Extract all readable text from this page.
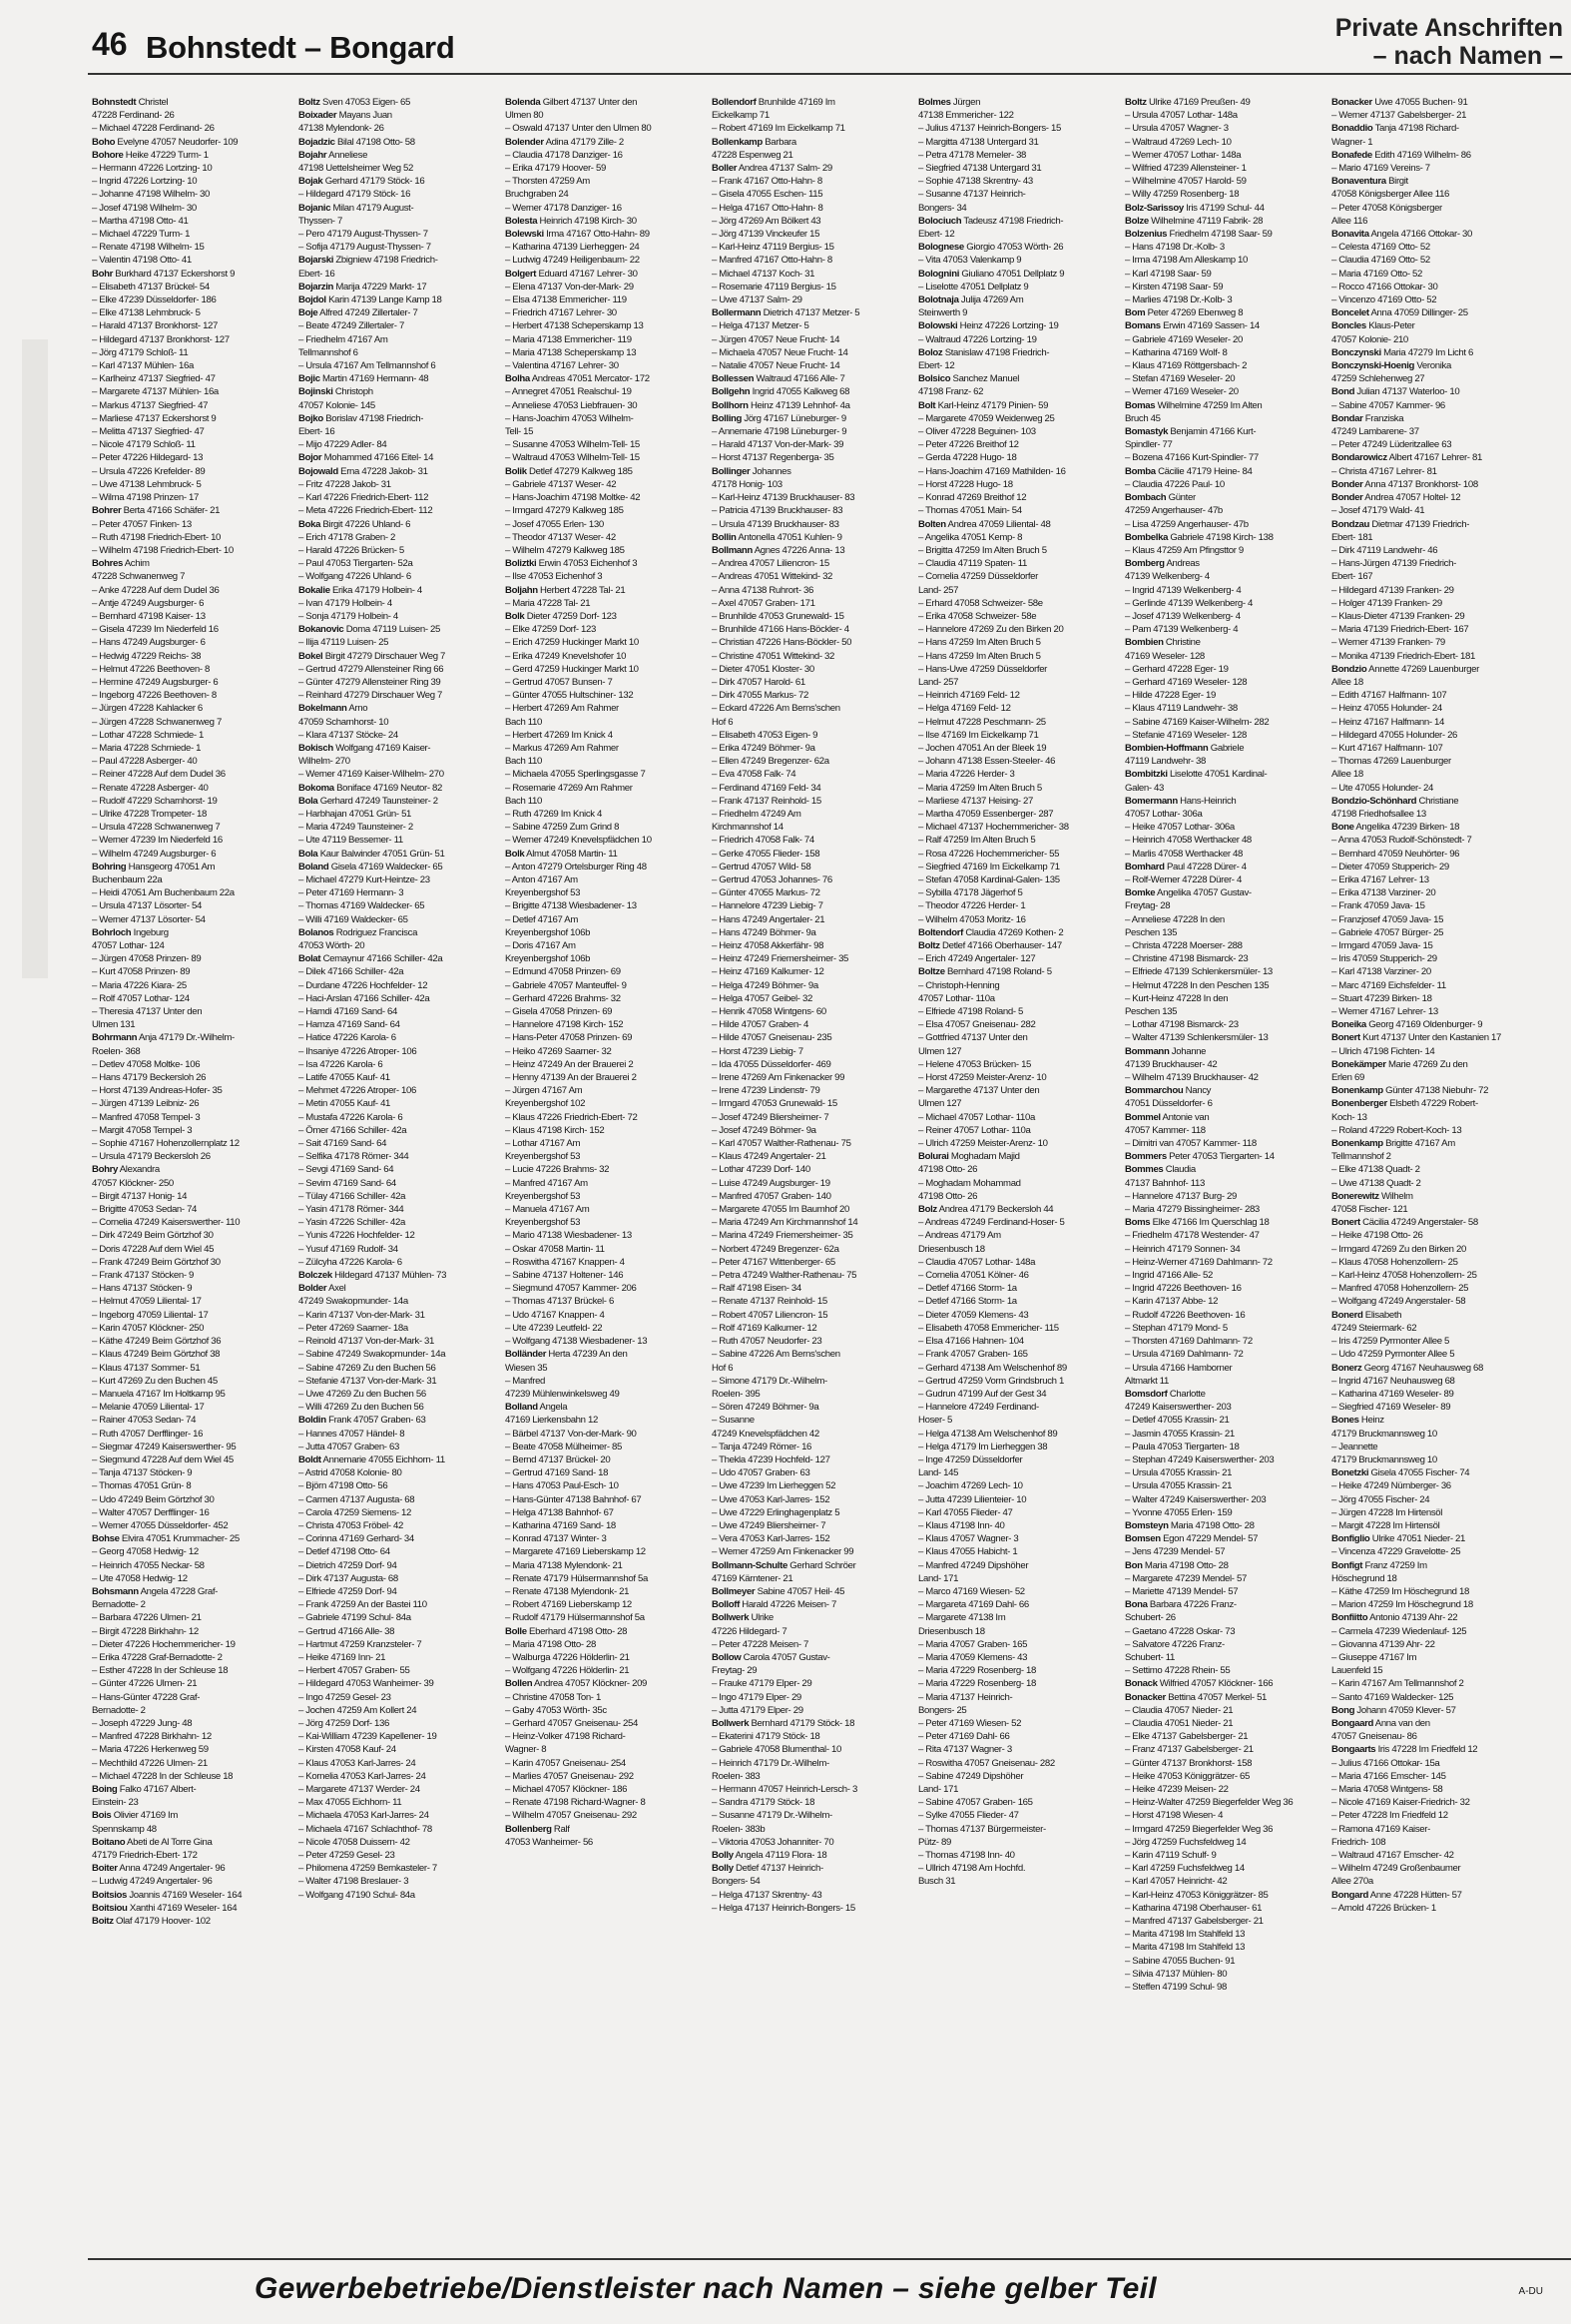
46 Bohnstedt – Bongard
Private Anschriften
– nach Namen –
Bohnstedt Christel
47228 Ferdinand- 26
– Michael 47228 Ferdinand- 26
Boho Evelyne 47057 Neudorfer- 109
Bohore Heike 47229 Turm- 1
– Hermann 47226 Lortzing- 10
– Ingrid 47226 Lortzing- 10
– Johanne 47198 Wilhelm- 30
– Josef 47198 Wilhelm- 30
– Martha 47198 Otto- 41
– Michael 47229 Turm- 1
– Renate 47198 Wilhelm- 15
– Valentin 47198 Otto- 41
Bohr Burkhard 47137 Eckershorst 9
– Elisabeth 47137 Brückel- 54
– Elke 47239 Düsseldorfer- 186
– Elke 47138 Lehmbruck- 5
– Harald 47137 Bronkhorst- 127
– Hildegard 47137 Bronkhorst- 127
– Jörg 47179 Schloß- 11
– Karl 47137 Mühlen- 16a
– Karlheinz 47137 Siegfried- 47
– Margarete 47137 Mühlen- 16a
– Markus 47137 Siegfried- 47
– Marliese 47137 Eckershorst 9
– Melitta 47137 Siegfried- 47
– Nicole 47179 Schloß- 11
– Peter 47226 Hildegard- 13
– Ursula 47226 Krefelder- 89
– Uwe 47138 Lehmbruck- 5
– Wilma 47198 Prinzen- 17
Bohrer Berta 47166 Schäfer- 21
– Peter 47057 Finken- 13
– Ruth 47198 Friedrich-Ebert- 10
– Wilhelm 47198 Friedrich-Ebert- 10
Bohres Achim
47228 Schwanenweg 7
– Anke 47228 Auf dem Dudel 36
– Antje 47249 Augsburger- 6
– Bernhard 47198 Kaiser- 13
– Gisela 47239 Im Niederfeld 16
– Hans 47249 Augsburger- 6
– Hedwig 47229 Reichs- 38
– Helmut 47226 Beethoven- 8
– Hermine 47249 Augsburger- 6
– Ingeborg 47226 Beethoven- 8
– Jürgen 47228 Kahlacker 6
– Jürgen 47228 Schwanenweg 7
– Lothar 47228 Schmiede- 1
– Maria 47228 Schmiede- 1
– Paul 47228 Asberger- 40
– Reiner 47228 Auf dem Dudel 36
– Renate 47228 Asberger- 40
– Rudolf 47229 Scharnhorst- 19
– Ulrike 47228 Trompeter- 18
– Ursula 47228 Schwanenweg 7
– Werner 47239 Im Niederfeld 16
– Wilhelm 47249 Augsburger- 6
Bohring Hansgeorg 47051 Am
Buchenbaum 22a
– Heidi 47051 Am Buchenbaum 22a
– Ursula 47137 Lösorter- 54
– Werner 47137 Lösorter- 54
Bohrloch Ingeburg
47057 Lothar- 124
– Jürgen 47058 Prinzen- 89
– Kurt 47058 Prinzen- 89
– Maria 47226 Kiara- 25
– Rolf 47057 Lothar- 124
– Theresia 47137 Unter den
Ulmen 131
Bohrmann Anja 47179 Dr.-Wilhelm-
Roelen- 368
– Detlev 47058 Moltke- 106
– Hans 47179 Beckersloh 26
– Horst 47139 Andreas-Hofer- 35
– Jürgen 47139 Leibniz- 26
– Manfred 47058 Tempel- 3
– Margit 47058 Tempel- 3
– Sophie 47167 Hohenzollernplatz 12
– Ursula 47179 Beckersloh 26
Bohry Alexandra
47057 Klöckner- 250
– Birgit 47137 Honig- 14
– Brigitte 47053 Sedan- 74
– Cornelia 47249 Kaiserswerther- 110
– Dirk 47249 Beim Görtzhof 30
– Doris 47228 Auf dem Wiel 45
– Frank 47249 Beim Görtzhof 30
– Frank 47137 Stöcken- 9
– Hans 47137 Stöcken- 9
– Helmut 47059 Liliental- 17
– Ingeborg 47059 Liliental- 17
– Karin 47057 Klöckner- 250
– Käthe 47249 Beim Görtzhof 36
– Klaus 47249 Beim Görtzhof 38
– Klaus 47137 Sommer- 51
– Kurt 47269 Zu den Buchen 45
– Manuela 47167 Im Holtkamp 95
– Melanie 47059 Liliental- 17
– Rainer 47053 Sedan- 74
– Ruth 47057 Derfflinger- 16
– Siegmar 47249 Kaiserswerther- 95
– Siegmund 47228 Auf dem Wiel 45
– Tanja 47137 Stöcken- 9
– Thomas 47051 Grün- 8
– Udo 47249 Beim Görtzhof 30
– Walter 47057 Derfflinger- 16
– Werner 47055 Düsseldorfer- 452
Bohse Elvira 47051 Krummacher- 25
– Georg 47058 Hedwig- 12
– Heinrich 47055 Neckar- 58
– Ute 47058 Hedwig- 12
Bohsmann Angela 47228 Graf-
Bernadotte- 2
– Barbara 47226 Ulmen- 21
– Birgit 47228 Birkhahn- 12
– Dieter 47226 Hochemmericher- 19
– Erika 47228 Graf-Bernadotte- 2
– Esther 47228 In der Schleuse 18
– Günter 47226 Ulmen- 21
– Hans-Günter 47228 Graf-
Bernadotte- 2
– Joseph 47229 Jung- 48
– Manfred 47228 Birkhahn- 12
– Maria 47226 Herkenweg 59
– Mechthild 47226 Ulmen- 21
– Michael 47228 In der Schleuse 18
Boing Falko 47167 Albert-
Einstein- 23
Bois Olivier 47169 Im
Spennskamp 48
Boitano Abeti de Al Torre Gina
47179 Friedrich-Ebert- 172
Boiter Anna 47249 Angertaler- 96
– Ludwig 47249 Angertaler- 96
Boitsios Joannis 47169 Weseler- 164
Boitsiou Xanthi 47169 Weseler- 164
Boitz Olaf 47179 Hoover- 102
Boltz Sven 47053 Eigen- 65
Boixader Mayans Juan
47138 Mylendonk- 26
Bojadzic Bilal 47198 Otto- 58
Bojahr Anneliese
47198 Uettelsheimer Weg 52
Bojak Gerhard 47179 Stöck- 16
– Hildegard 47179 Stöck- 16
Bojanic Milan 47179 August-
Thyssen- 7
– Pero 47179 August-Thyssen- 7
– Sofija 47179 August-Thyssen- 7
Bojarski Zbigniew 47198 Friedrich-
Ebert- 16
Bojarzin Marija 47229 Markt- 17
Bojdol Karin 47139 Lange Kamp 18
Boje Alfred 47249 Zillertaler- 7
– Beate 47249 Zillertaler- 7
– Friedhelm 47167 Am
Tellmannshof 6
– Ursula 47167 Am Tellmannshof 6
Bojic Martin 47169 Hermann- 48
Bojinski Christoph
47057 Kolonie- 145
Bojko Borislav 47198 Friedrich-
Ebert- 16
– Mijo 47229 Adler- 84
Bojor Mohammed 47166 Eitel- 14
Bojowald Erna 47228 Jakob- 31
– Fritz 47228 Jakob- 31
– Karl 47226 Friedrich-Ebert- 112
– Meta 47226 Friedrich-Ebert- 112
Boka Birgit 47226 Uhland- 6
– Erich 47178 Graben- 2
– Harald 47226 Brücken- 5
– Paul 47053 Tiergarten- 52a
– Wolfgang 47226 Uhland- 6
Bokalie Erika 47179 Holbein- 4
– Ivan 47179 Holbein- 4
– Sonja 47179 Holbein- 4
Bokanovic Doma 47119 Luisen- 25
– Ilija 47119 Luisen- 25
Bokel Birgit 47279 Dirschauer Weg 7
– Gertrud 47279 Allensteiner Ring 66
– Günter 47279 Allensteiner Ring 39
– Reinhard 47279 Dirschauer Weg 7
Bokelmann Arno
47059 Scharnhorst- 10
– Klara 47137 Stöcke- 24
Bokisch Wolfgang 47169 Kaiser-
Wilhelm- 270
– Werner 47169 Kaiser-Wilhelm- 270
Bokoma Boniface 47169 Neutor- 82
Bola Gerhard 47249 Taunsteiner- 2
– Harbhajan 47051 Grün- 51
– Maria 47249 Taunsteiner- 2
– Ute 47119 Bessemer- 11
Bola Kaur Balwinder 47051 Grün- 51
Boland Gisela 47169 Waldecker- 65
– Michael 47279 Kurt-Heintze- 23
– Peter 47169 Hermann- 3
– Thomas 47169 Waldecker- 65
– Willi 47169 Waldecker- 65
Bolanos Rodriguez Francisca
47053 Wörth- 20
Bolat Cemaynur 47166 Schiller- 42a
– Dilek 47166 Schiller- 42a
– Durdane 47226 Hochfelder- 12
– Haci-Arslan 47166 Schiller- 42a
– Hamdi 47169 Sand- 64
– Hamza 47169 Sand- 64
– Hatice 47226 Karola- 6
– Ihsaniye 47226 Atroper- 106
– Isa 47226 Karola- 6
– Latife 47055 Kauf- 41
– Mehmet 47226 Atroper- 106
– Metin 47055 Kauf- 41
– Mustafa 47226 Karola- 6
– Ömer 47166 Schiller- 42a
– Sait 47169 Sand- 64
– Selfika 47178 Römer- 344
– Sevgi 47169 Sand- 64
– Sevim 47169 Sand- 64
– Tülay 47166 Schiller- 42a
– Yasin 47178 Römer- 344
– Yasin 47226 Schiller- 42a
– Yunis 47226 Hochfelder- 12
– Yusuf 47169 Rudolf- 34
– Zülcyha 47226 Karola- 6
Bolczek Hildegard 47137 Mühlen- 73
Bolder Axel
47249 Swakopmunder- 14a
– Karin 47137 Von-der-Mark- 31
– Peter 47269 Saarner- 18a
– Reinold 47137 Von-der-Mark- 31
– Sabine 47249 Swakopmunder- 14a
– Sabine 47269 Zu den Buchen 56
– Stefanie 47137 Von-der-Mark- 31
– Uwe 47269 Zu den Buchen 56
– Willi 47269 Zu den Buchen 56
Boldin Frank 47057 Graben- 63
– Hannes 47057 Händel- 8
– Jutta 47057 Graben- 63
Boldt Annemarie 47055 Eichhorn- 11
– Astrid 47058 Kolonie- 80
– Björn 47198 Otto- 56
– Carmen 47137 Augusta- 68
– Carola 47259 Siemens- 12
– Christa 47053 Fröbel- 42
– Corinna 47169 Gerhard- 34
– Detlef 47198 Otto- 64
– Dietrich 47259 Dorf- 94
– Dirk 47137 Augusta- 68
– Elfriede 47259 Dorf- 94
– Frank 47259 An der Bastei 110
– Gabriele 47199 Schul- 84a
– Gertrud 47166 Alle- 38
– Hartmut 47259 Kranzsteler- 7
– Heike 47169 Inn- 21
– Herbert 47057 Graben- 55
– Hildegard 47053 Wanheimer- 39
– Ingo 47259 Gesel- 23
– Jochen 47259 Am Kollert 24
– Jörg 47259 Dorf- 136
– Kai-William 47239 Kapellener- 19
– Kirsten 47058 Kauf- 24
– Klaus 47053 Karl-Jarres- 24
– Kornelia 47053 Karl-Jarres- 24
– Margarete 47137 Werder- 24
– Max 47055 Eichhorn- 11
– Michaela 47053 Karl-Jarres- 24
– Michaela 47167 Schlachthof- 78
– Nicole 47058 Duissern- 42
– Peter 47259 Gesel- 23
– Philomena 47259 Bernkasteler- 7
– Walter 47198 Breslauer- 3
– Wolfgang 47190 Schul- 84a
Bolenda Gilbert 47137 Unter den
Ulmen 80
– Oswald 47137 Unter den Ulmen 80
Bolender Adina 47179 Zille- 2
– Claudia 47178 Danziger- 16
– Erika 47179 Hoover- 59
– Thorsten 47259 Am
Bruchgraben 24
– Werner 47178 Danziger- 16
Bolesta Heinrich 47198 Kirch- 30
Bolewski Irma 47167 Otto-Hahn- 89
– Katharina 47139 Lierheggen- 24
– Ludwig 47249 Heiligenbaum- 22
Bolgert Eduard 47167 Lehrer- 30
– Elena 47137 Von-der-Mark- 29
– Elsa 47138 Emmericher- 119
– Friedrich 47167 Lehrer- 30
– Herbert 47138 Scheperskamp 13
– Maria 47138 Emmericher- 119
– Maria 47138 Scheperskamp 13
– Valentina 47167 Lehrer- 30
Bolha Andreas 47051 Mercator- 172
– Annegret 47051 Realschul- 19
– Anneliese 47053 Liebfrauen- 30
– Hans-Joachim 47053 Wilhelm-
Tell- 15
– Susanne 47053 Wilhelm-Tell- 15
– Waltraud 47053 Wilhelm-Tell- 15
Bolik Detlef 47279 Kalkweg 185
– Gabriele 47137 Weser- 42
– Hans-Joachim 47198 Moltke- 42
– Irmgard 47279 Kalkweg 185
– Josef 47055 Erlen- 130
– Theodor 47137 Weser- 42
– Wilhelm 47279 Kalkweg 185
Boliztki Erwin 47053 Eichenhof 3
– Ilse 47053 Eichenhof 3
Boljahn Herbert 47228 Tal- 21
– Maria 47228 Tal- 21
Bolk Dieter 47259 Dorf- 123
– Elke 47259 Dorf- 123
– Erich 47259 Huckinger Markt 10
– Erika 47249 Knevelshofer 10
– Gerd 47259 Huckinger Markt 10
– Gertrud 47057 Bunsen- 7
– Günter 47055 Hultschiner- 132
– Herbert 47269 Am Rahmer
Bach 110
– Herbert 47269 Im Knick 4
– Markus 47269 Am Rahmer
Bach 110
– Michaela 47055 Sperlingsgasse 7
– Rosemarie 47269 Am Rahmer
Bach 110
– Ruth 47269 Im Knick 4
– Sabine 47259 Zum Grind 8
– Werner 47249 Knevelspfädchen 10
Bolk Almut 47058 Martin- 11
– Anton 47279 Ortelsburger Ring 48
– Anton 47167 Am
Kreyenbergshof 53
– Brigitte 47138 Wiesbadener- 13
– Detlef 47167 Am
Kreyenbergshof 106b
– Doris 47167 Am
Kreyenbergshof 106b
– Edmund 47058 Prinzen- 69
– Gabriele 47057 Manteuffel- 9
– Gerhard 47226 Brahms- 32
– Gisela 47058 Prinzen- 69
– Hannelore 47198 Kirch- 152
– Hans-Peter 47058 Prinzen- 69
– Heiko 47269 Saarner- 32
– Heinz 47249 An der Brauerei 2
– Henny 47139 An der Brauerei 2
– Jürgen 47167 Am
Kreyenbergshof 102
– Klaus 47226 Friedrich-Ebert- 72
– Klaus 47198 Kirch- 152
– Lothar 47167 Am
Kreyenbergshof 53
– Lucie 47226 Brahms- 32
– Manfred 47167 Am
Kreyenbergshof 53
– Manuela 47167 Am
Kreyenbergshof 53
– Mario 47138 Wiesbadener- 13
– Oskar 47058 Martin- 11
– Roswitha 47167 Knappen- 4
– Sabine 47137 Holtener- 146
– Siegmund 47057 Kammer- 206
– Thomas 47137 Brückel- 6
– Udo 47167 Knappen- 4
– Ute 47239 Leutfeld- 22
– Wolfgang 47138 Wiesbadener- 13
Bolländer Herta 47239 An den
Wiesen 35
– Manfred
47239 Mühlenwinkelsweg 49
Bolland Angela
47169 Lierkensbahn 12
– Bärbel 47137 Von-der-Mark- 90
– Beate 47058 Mülheimer- 85
– Bernd 47137 Brückel- 20
– Gertrud 47169 Sand- 18
– Hans 47053 Paul-Esch- 10
– Hans-Günter 47138 Bahnhof- 67
– Helga 47138 Bahnhof- 67
– Katharina 47169 Sand- 18
– Konrad 47137 Winter- 3
– Margarete 47169 Lieberskamp 12
– Maria 47138 Mylendonk- 21
– Renate 47179 Hülsermannshof 5a
– Renate 47138 Mylendonk- 21
– Robert 47169 Lieberskamp 12
– Rudolf 47179 Hülsermannshof 5a
Bolle Eberhard 47198 Otto- 28
– Maria 47198 Otto- 28
– Walburga 47226 Hölderlin- 21
– Wolfgang 47226 Hölderlin- 21
Bollen Andrea 47057 Klöckner- 209
– Christine 47058 Ton- 1
– Gaby 47053 Wörth- 35c
– Gerhard 47057 Gneisenau- 254
– Heinz-Volker 47198 Richard-
Wagner- 8
– Karin 47057 Gneisenau- 254
– Marlies 47057 Gneisenau- 292
– Michael 47057 Klöckner- 186
– Renate 47198 Richard-Wagner- 8
– Wilhelm 47057 Gneisenau- 292
Bollenberg Ralf
47053 Wanheimer- 56
Bollendorf Brunhilde 47169 Im
Eickelkamp 71
– Robert 47169 Im Eickelkamp 71
Bollenkamp Barbara
47228 Espenweg 21
Boller Andrea 47137 Salm- 29
– Frank 47167 Otto-Hahn- 8
– Gisela 47055 Eschen- 115
– Helga 47167 Otto-Hahn- 8
– Jörg 47269 Am Bölkert 43
– Jörg 47139 Vinckeufer 15
– Karl-Heinz 47119 Bergius- 15
– Manfred 47167 Otto-Hahn- 8
– Michael 47137 Koch- 31
– Rosemarie 47119 Bergius- 15
– Uwe 47137 Salm- 29
Bollermann Dietrich 47137 Metzer- 5
– Helga 47137 Metzer- 5
– Jürgen 47057 Neue Frucht- 14
– Michaela 47057 Neue Frucht- 14
– Natalie 47057 Neue Frucht- 14
Bollessen Waltraud 47166 Alle- 7
Bollgehn Ingrid 47055 Kalkweg 68
Bollhorn Heinz 47139 Lehnhof- 4a
Bolling Jörg 47167 Lüneburger- 9
– Annemarie 47198 Lüneburger- 9
– Harald 47137 Von-der-Mark- 39
– Horst 47137 Regenberga- 35
Bollinger Johannes
47178 Honig- 103
– Karl-Heinz 47139 Bruckhauser- 83
– Patricia 47139 Bruckhauser- 83
– Ursula 47139 Bruckhauser- 83
Bollin Antonella 47051 Kuhlen- 9
Bollmann Agnes 47226 Anna- 13
– Andrea 47057 Liliencron- 15
– Andreas 47051 Wittekind- 32
– Anna 47138 Ruhrort- 36
– Axel 47057 Graben- 171
– Brunhilde 47053 Grunewald- 15
– Brunhilde 47166 Hans-Böckler- 4
– Christian 47226 Hans-Böckler- 50
– Christine 47051 Wittekind- 32
– Dieter 47051 Kloster- 30
– Dirk 47057 Harold- 61
– Dirk 47055 Markus- 72
– Eckard 47226 Am Berns'schen
Hof 6
– Elisabeth 47053 Eigen- 9
– Erika 47249 Böhmer- 9a
– Ellen 47249 Bregenzer- 62a
– Eva 47058 Falk- 74
– Ferdinand 47169 Feld- 34
– Frank 47137 Reinhold- 15
– Friedhelm 47249 Am
Kirchmannshof 14
– Friedrich 47058 Falk- 74
– Gerke 47055 Flieder- 158
– Gertrud 47057 Wild- 58
– Gertrud 47053 Johannes- 76
– Günter 47055 Markus- 72
– Hannelore 47239 Liebig- 7
– Hans 47249 Angertaler- 21
– Hans 47249 Böhmer- 9a
– Heinz 47058 Akkerfähr- 98
– Heinz 47249 Friemersheimer- 35
– Heinz 47169 Kalkumer- 12
– Helga 47249 Böhmer- 9a
– Helga 47057 Geibel- 32
– Henrik 47058 Wintgens- 60
– Hilde 47057 Graben- 4
– Hilde 47057 Gneisenau- 235
– Horst 47239 Liebig- 7
– Ida 47055 Düsseldorfer- 469
– Irene 47269 Am Finkenacker 99
– Irene 47239 Lindenstr- 79
– Irmgard 47053 Grunewald- 15
– Josef 47249 Bliersheimer- 7
– Josef 47249 Böhmer- 9a
– Karl 47057 Walther-Rathenau- 75
– Klaus 47249 Angertaler- 21
– Lothar 47239 Dorf- 140
– Luise 47249 Augsburger- 19
– Manfred 47057 Graben- 140
– Margarete 47055 Im Baumhof 20
– Maria 47249 Am Kirchmannshof 14
– Marina 47249 Friemersheimer- 35
– Norbert 47249 Bregenzer- 62a
– Peter 47167 Wittenberger- 65
– Petra 47249 Walther-Rathenau- 75
– Ralf 47198 Eisen- 34
– Renate 47137 Reinhold- 15
– Robert 47057 Liliencron- 15
– Rolf 47169 Kalkumer- 12
– Ruth 47057 Neudorfer- 23
– Sabine 47226 Am Berns'schen
Hof 6
– Simone 47179 Dr.-Wilhelm-
Roelen- 395
– Sören 47249 Böhmer- 9a
– Susanne
47249 Knevelspfädchen 42
– Tanja 47249 Römer- 16
– Thekla 47239 Hochfeld- 127
– Udo 47057 Graben- 63
– Uwe 47239 Im Lierheggen 52
– Uwe 47053 Karl-Jarres- 152
– Uwe 47229 Erlinghagenplatz 5
– Uwe 47249 Bliersheimer- 7
– Vera 47053 Karl-Jarres- 152
– Werner 47259 Am Finkenacker 99
Bollmann-Schulte Gerhard Schröer
47169 Kärntener- 21
Bollmeyer Sabine 47057 Heil- 45
Bolloff Harald 47226 Meisen- 7
Bollwerk Ulrike
47226 Hildegard- 7
– Peter 47228 Meisen- 7
Bollow Carola 47057 Gustav-
Freytag- 29
– Frauke 47179 Elper- 29
– Ingo 47179 Elper- 29
– Jutta 47179 Elper- 29
Bollwerk Bernhard 47179 Stöck- 18
– Ekaterini 47179 Stöck- 18
– Gabriele 47058 Blumenthal- 10
– Heinrich 47179 Dr.-Wilhelm-
Roelen- 383
– Hermann 47057 Heinrich-Lersch- 3
– Sandra 47179 Stöck- 18
– Susanne 47179 Dr.-Wilhelm-
Roelen- 383b
– Viktoria 47053 Johanniter- 70
Bolly Angela 47119 Flora- 18
Bolly Detlef 47137 Heinrich-
Bongers- 54
– Helga 47137 Skrentny- 43
– Helga 47137 Heinrich-Bongers- 15
Bolmes Jürgen
47138 Emmericher- 122
– Julius 47137 Heinrich-Bongers- 15
– Margitta 47138 Untergard 31
– Petra 47178 Memeler- 38
– Siegfried 47138 Untergard 31
– Sophie 47138 Skrentny- 43
– Susanne 47137 Heinrich-
Bongers- 34
Bolociuch Tadeusz 47198 Friedrich-
Ebert- 12
Bolognese Giorgio 47053 Wörth- 26
– Vita 47053 Valenkamp 9
Bolognini Giuliano 47051 Dellplatz 9
– Liselotte 47051 Dellplatz 9
Bolotnaja Julija 47269 Am
Steinwerth 9
Bolowski Heinz 47226 Lortzing- 19
– Waltraud 47226 Lortzing- 19
Boloz Stanislaw 47198 Friedrich-
Ebert- 12
Bolsico Sanchez Manuel
47198 Franz- 62
Bolt Karl-Heinz 47179 Pinien- 59
– Margarete 47059 Weidenweg 25
– Oliver 47228 Beguinen- 103
– Peter 47226 Breithof 12
– Gerda 47228 Hugo- 18
– Hans-Joachim 47169 Mathilden- 16
– Horst 47228 Hugo- 18
– Konrad 47269 Breithof 12
– Thomas 47051 Main- 54
Bolten Andrea 47059 Liliental- 48
– Angelika 47051 Kemp- 8
– Brigitta 47259 Im Alten Bruch 5
– Claudia 47119 Spaten- 11
– Cornelia 47259 Düsseldorfer
Land- 257
– Erhard 47058 Schweizer- 58e
– Erika 47058 Schweizer- 58e
– Hannelore 47269 Zu den Birken 20
– Hans 47259 Im Alten Bruch 5
– Hans 47259 Im Alten Bruch 5
– Hans-Uwe 47259 Düsseldorfer
Land- 257
– Heinrich 47169 Feld- 12
– Helga 47169 Feld- 12
– Helmut 47228 Peschmann- 25
– Ilse 47169 Im Eickelkamp 71
– Jochen 47051 An der Bleek 19
– Johann 47138 Essen-Steeler- 46
– Maria 47226 Herder- 3
– Maria 47259 Im Alten Bruch 5
– Marliese 47137 Heising- 27
– Martha 47059 Essenberger- 287
– Michael 47137 Hochemmericher- 38
– Ralf 47259 Im Alten Bruch 5
– Rosa 47226 Hochemmericher- 55
– Siegfried 47169 Im Eickelkamp 71
– Stefan 47058 Kardinal-Galen- 135
– Sybilla 47178 Jägerhof 5
– Theodor 47226 Herder- 1
– Wilhelm 47053 Moritz- 16
Boltendorf Claudia 47269 Kothen- 2
Boltz Detlef 47166 Oberhauser- 147
– Erich 47249 Angertaler- 127
Boltze Bernhard 47198 Roland- 5
– Christoph-Henning
47057 Lothar- 110a
– Elfriede 47198 Roland- 5
– Elsa 47057 Gneisenau- 282
– Gottfried 47137 Unter den
Ulmen 127
– Helene 47053 Brücken- 15
– Horst 47259 Meister-Arenz- 10
– Margarethe 47137 Unter den
Ulmen 127
– Michael 47057 Lothar- 110a
– Reiner 47057 Lothar- 110a
– Ulrich 47259 Meister-Arenz- 10
Bolurai Moghadam Majid
47198 Otto- 26
– Moghadam Mohammad
47198 Otto- 26
Bolz Andrea 47179 Beckersloh 44
– Andreas 47249 Ferdinand-Hoser- 5
– Andreas 47179 Am
Driesenbusch 18
– Claudia 47057 Lothar- 148a
– Cornelia 47051 Kölner- 46
– Detlef 47166 Storm- 1a
– Detlef 47166 Storm- 1a
– Dieter 47059 Klemens- 43
– Elisabeth 47058 Emmericher- 115
– Elsa 47166 Hahnen- 104
– Frank 47057 Graben- 165
– Gerhard 47138 Am Welschenhof 89
– Gertrud 47259 Vorm Grindsbruch 1
– Gudrun 47199 Auf der Gest 34
– Hannelore 47249 Ferdinand-
Hoser- 5
– Helga 47138 Am Welschenhof 89
– Helga 47179 Im Lierheggen 38
– Inge 47259 Düsseldorfer
Land- 145
– Joachim 47269 Lech- 10
– Jutta 47239 Lilienteier- 10
– Karl 47055 Flieder- 47
– Klaus 47198 Inn- 40
– Klaus 47057 Wagner- 3
– Klaus 47055 Habicht- 1
– Manfred 47249 Dipshöher
Land- 171
– Marco 47169 Wiesen- 52
– Margareta 47169 Dahl- 66
– Margarete 47138 Im
Driesenbusch 18
– Maria 47057 Graben- 165
– Maria 47059 Klemens- 43
– Maria 47229 Rosenberg- 18
– Maria 47229 Rosenberg- 18
– Maria 47137 Heinrich-
Bongers- 25
– Peter 47169 Wiesen- 52
– Peter 47169 Dahl- 66
– Rita 47137 Wagner- 3
– Roswitha 47057 Gneisenau- 282
– Sabine 47249 Dipshöher
Land- 171
– Sabine 47057 Graben- 165
– Sylke 47055 Flieder- 47
– Thomas 47137 Bürgermeister-
Pütz- 89
– Thomas 47198 Inn- 40
– Ullrich 47198 Am Hochfd.
Busch 31
Boltz Ulrike 47169 Preußen- 49
– Ursula 47057 Lothar- 148a
– Ursula 47057 Wagner- 3
– Waltraud 47269 Lech- 10
– Werner 47057 Lothar- 148a
– Wilfried 47239 Allensteiner- 1
– Wilhelmine 47057 Harold- 59
– Willy 47259 Rosenberg- 18
Bolz-Sarissoy Iris 47199 Schul- 44
Bolze Wilhelmine 47119 Fabrik- 28
Bolzenius Friedhelm 47198 Saar- 59
– Hans 47198 Dr.-Kolb- 3
– Irma 47198 Am Alleskamp 10
– Karl 47198 Saar- 59
– Kirsten 47198 Saar- 59
– Marlies 47198 Dr.-Kolb- 3
Bom Peter 47269 Ebenweg 8
Bomans Erwin 47169 Sassen- 14
– Gabriele 47169 Weseler- 20
– Katharina 47169 Wolf- 8
– Klaus 47169 Röttgersbach- 2
– Stefan 47169 Weseler- 20
– Werner 47169 Weseler- 20
Bomas Wilhelmine 47259 Im Alten
Bruch 45
Bomastyk Benjamin 47166 Kurt-
Spindler- 77
– Bozena 47166 Kurt-Spindler- 77
Bomba Cäcilie 47179 Heine- 84
– Claudia 47226 Paul- 10
Bombach Günter
47259 Angerhauser- 47b
– Lisa 47259 Angerhauser- 47b
Bombelka Gabriele 47198 Kirch- 138
– Klaus 47259 Am Pfingsttor 9
Bomberg Andreas
47139 Welkenberg- 4
– Ingrid 47139 Welkenberg- 4
– Gerlinde 47139 Welkenberg- 4
– Josef 47139 Welkenberg- 4
– Pam 47139 Welkenberg- 4
Bombien Christine
47169 Weseler- 128
– Gerhard 47228 Eger- 19
– Gerhard 47169 Weseler- 128
– Hilde 47228 Eger- 19
– Klaus 47119 Landwehr- 38
– Sabine 47169 Kaiser-Wilhelm- 282
– Stefanie 47169 Weseler- 128
Bombien-Hoffmann Gabriele
47119 Landwehr- 38
Bombitzki Liselotte 47051 Kardinal-
Galen- 43
Bomermann Hans-Heinrich
47057 Lothar- 306a
– Heike 47057 Lothar- 306a
– Heinrich 47058 Werthacker 48
– Marlis 47058 Werthacker 48
Bomhard Paul 47228 Dürer- 4
– Rolf-Werner 47228 Dürer- 4
Bomke Angelika 47057 Gustav-
Freytag- 28
– Anneliese 47228 In den
Peschen 135
– Christa 47228 Moerser- 288
– Christine 47198 Bismarck- 23
– Elfriede 47139 Schlenkersmüler- 13
– Helmut 47228 In den Peschen 135
– Kurt-Heinz 47228 In den
Peschen 135
– Lothar 47198 Bismarck- 23
– Walter 47139 Schlenkersmüler- 13
Bommann Johanne
47139 Bruckhauser- 42
– Wilhelm 47139 Bruckhauser- 42
Bommarchou Nancy
47051 Düsseldorfer- 6
Bommel Antonie van
47057 Kammer- 118
– Dimitri van 47057 Kammer- 118
Bommers Peter 47053 Tiergarten- 14
Bommes Claudia
47137 Bahnhof- 113
– Hannelore 47137 Burg- 29
– Maria 47279 Bissingheimer- 283
Boms Elke 47166 Im Querschlag 18
– Friedhelm 47178 Westender- 47
– Heinrich 47179 Sonnen- 34
– Heinz-Werner 47169 Dahlmann- 72
– Ingrid 47166 Alle- 52
– Ingrid 47226 Beethoven- 16
– Karin 47137 Abbe- 12
– Rudolf 47226 Beethoven- 16
– Stephan 47179 Mond- 5
– Thorsten 47169 Dahlmann- 72
– Ursula 47169 Dahlmann- 72
– Ursula 47166 Hamborner
Altmarkt 11
Bomsdorf Charlotte
47249 Kaiserswerther- 203
– Detlef 47055 Krassin- 21
– Jasmin 47055 Krassin- 21
– Paula 47053 Tiergarten- 18
– Stephan 47249 Kaiserswerther- 203
– Ursula 47055 Krassin- 21
– Ursula 47055 Krassin- 21
– Walter 47249 Kaiserswerther- 203
– Yvonne 47055 Erlen- 159
Bomsteyn Maria 47198 Otto- 28
Bomsen Egon 47229 Mendel- 57
– Jens 47239 Mendel- 57
Bon Maria 47198 Otto- 28
– Margarete 47239 Mendel- 57
– Mariette 47139 Mendel- 57
Bona Barbara 47226 Franz-
Schubert- 26
– Gaetano 47228 Oskar- 73
– Salvatore 47226 Franz-
Schubert- 11
– Settimo 47228 Rhein- 55
Bonack Wilfried 47057 Klöckner- 166
Bonacker Bettina 47057 Merkel- 51
– Claudia 47057 Nieder- 21
– Claudia 47051 Nieder- 21
– Elke 47137 Gabelsberger- 21
– Franz 47137 Gabelsberger- 21
– Günter 47137 Bronkhorst- 158
– Heike 47053 Königgrätzer- 65
– Heike 47239 Meisen- 22
– Heinz-Walter 47259 Biegerfelder Weg 36
– Horst 47198 Wiesen- 4
– Irmgard 47259 Biegerfelder Weg 36
– Jörg 47259 Fuchsfeldweg 14
– Karin 47119 Schulf- 9
– Karl 47259 Fuchsfeldweg 14
– Karl 47057 Heinricht- 42
– Karl-Heinz 47053 Königgrätzer- 85
– Katharina 47198 Oberhauser- 61
– Manfred 47137 Gabelsberger- 21
– Marita 47198 Im Stahlfeld 13
– Marita 47198 Im Stahlfeld 13
– Sabine 47055 Buchen- 91
– Silvia 47137 Mühlen- 80
– Steffen 47199 Schul- 98
Bonacker Uwe 47055 Buchen- 91
– Werner 47137 Gabelsberger- 21
Bonaddio Tanja 47198 Richard-
Wagner- 1
Bonafede Edith 47169 Wilhelm- 86
– Mario 47169 Vereins- 7
Bonaventura Birgit
47058 Königsberger Allee 116
– Peter 47058 Königsberger
Allee 116
Bonavita Angela 47166 Ottokar- 30
– Celesta 47169 Otto- 52
– Claudia 47169 Otto- 52
– Maria 47169 Otto- 52
– Rocco 47166 Ottokar- 30
– Vincenzo 47169 Otto- 52
Boncelet Anna 47059 Dillinger- 25
Boncles Klaus-Peter
47057 Kolonie- 210
Bonczynski Maria 47279 Im Licht 6
Bonczynski-Hoenig Veronika
47259 Schlehenweg 27
Bond Julian 47137 Waterloo- 10
– Sabine 47057 Kammer- 96
Bondar Franziska
47249 Lambarene- 37
– Peter 47249 Lüderitzallee 63
Bondarowicz Albert 47167 Lehrer- 81
– Christa 47167 Lehrer- 81
Bonder Anna 47137 Bronkhorst- 108
Bonder Andrea 47057 Holtel- 12
– Josef 47179 Wald- 41
Bondzau Dietmar 47139 Friedrich-
Ebert- 181
– Dirk 47119 Landwehr- 46
– Hans-Jürgen 47139 Friedrich-
Ebert- 167
– Hildegard 47139 Franken- 29
– Holger 47139 Franken- 29
– Klaus-Dieter 47139 Franken- 29
– Maria 47139 Friedrich-Ebert- 167
– Werner 47139 Franken- 79
– Monika 47139 Friedrich-Ebert- 181
Bondzio Annette 47269 Lauenburger
Allee 18
– Edith 47167 Halfmann- 107
– Heinz 47055 Holunder- 24
– Heinz 47167 Halfmann- 14
– Hildegard 47055 Holunder- 26
– Kurt 47167 Halfmann- 107
– Thomas 47269 Lauenburger
Allee 18
– Ute 47055 Holunder- 24
Bondzio-Schönhard Christiane
47198 Friedhofsallee 13
Bone Angelika 47239 Birken- 18
– Anna 47053 Rudolf-Schönstedt- 7
– Bernhard 47059 Neuhörter- 96
– Dieter 47059 Stupperich- 29
– Erika 47167 Lehrer- 13
– Erika 47138 Varziner- 20
– Frank 47059 Java- 15
– Franzjosef 47059 Java- 15
– Gabriele 47057 Bürger- 25
– Irmgard 47059 Java- 15
– Iris 47059 Stupperich- 29
– Karl 47138 Varziner- 20
– Marc 47169 Eichsfelder- 11
– Stuart 47239 Birken- 18
– Werner 47167 Lehrer- 13
Boneika Georg 47169 Oldenburger- 9
Bonert Kurt 47137 Unter den Kastanien 17
– Ulrich 47198 Fichten- 14
Bonekämper Marie 47269 Zu den
Erlen 69
Bonenkamp Günter 47138 Niebuhr- 72
Bonenberger Elsbeth 47229 Robert-
Koch- 13
– Roland 47229 Robert-Koch- 13
Bonenkamp Brigitte 47167 Am
Tellmannshof 2
– Elke 47138 Quadt- 2
– Uwe 47138 Quadt- 2
Bonerewitz Wilhelm
47058 Fischer- 121
Bonert Cäcilia 47249 Angerstaler- 58
– Heike 47198 Otto- 26
– Irmgard 47269 Zu den Birken 20
– Klaus 47058 Hohenzollern- 25
– Karl-Heinz 47058 Hohenzollern- 25
– Manfred 47058 Hohenzollern- 25
– Wolfgang 47249 Angerstaler- 58
Bonerd Elisabeth
47249 Steiermark- 62
– Iris 47259 Pyrmonter Allee 5
– Udo 47259 Pyrmonter Allee 5
Bonerz Georg 47167 Neuhausweg 68
– Ingrid 47167 Neuhausweg 68
– Katharina 47169 Weseler- 89
– Siegfried 47169 Weseler- 89
Bones Heinz
47179 Bruckmannsweg 10
– Jeannette
47179 Bruckmannsweg 10
Bonetzki Gisela 47055 Fischer- 74
– Heike 47249 Nürnberger- 36
– Jörg 47055 Fischer- 24
– Jürgen 47228 Im Hirtensöl
– Margit 47228 Im Hirtensöl
Bonfiglio Ulrike 47051 Nieder- 21
– Vincenza 47229 Gravelotte- 25
Bonfigt Franz 47259 Im
Höschegrund 18
– Käthe 47259 Im Höschegrund 18
– Marion 47259 Im Höschegrund 18
Bonfiitto Antonio 47139 Ahr- 22
– Carmela 47239 Wiedenlauf- 125
– Giovanna 47139 Ahr- 22
– Giuseppe 47167 Im
Lauenfeld 15
– Karin 47167 Am Tellmannshof 2
– Santo 47169 Waldecker- 125
Bong Johann 47059 Klever- 57
Bongaard Anna van den
47057 Gneisenau- 86
Bongaarts Iris 47228 Im Friedfeld 12
– Julius 47166 Ottokar- 15a
– Maria 47166 Emscher- 145
– Maria 47058 Wintgens- 58
– Nicole 47169 Kaiser-Friedrich- 32
– Peter 47228 Im Friedfeld 12
– Ramona 47169 Kaiser-
Friedrich- 108
– Waltraud 47167 Emscher- 42
– Wilhelm 47249 Großenbaumer
Allee 270a
Bongard Anne 47228 Hütten- 57
– Arnold 47226 Brücken- 1
Gewerbebetriebe/Dienstleister nach Namen – siehe gelber Teil	A-DU
